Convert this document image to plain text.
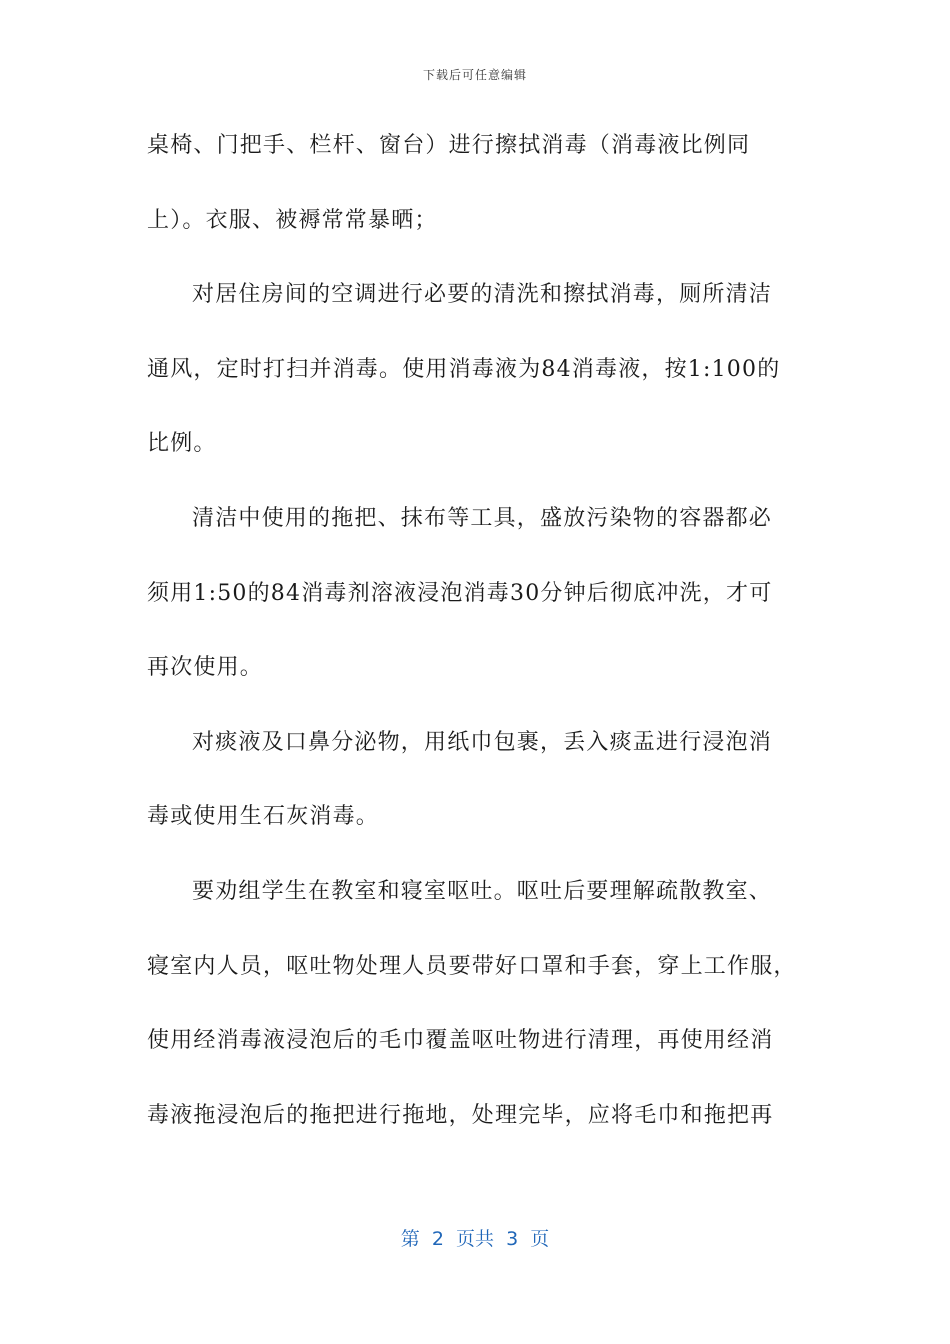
下载后可任意编辑
桌椅、门把手、栏杆、窗台）进行擦拭消毒（消毒液比例同
上）。衣服、被褥常常暴晒；
对居住房间的空调进行必要的清洗和擦拭消毒，厕所清洁
通风，定时打扫并消毒。使用消毒液为84消毒液，按1:100的
比例。
清洁中使用的拖把、抹布等工具，盛放污染物的容器都必
须用1:50的84消毒剂溶液浸泡消毒30分钟后彻底冲洗，才可
再次使用。
对痰液及口鼻分泌物，用纸巾包裹，丢入痰盂进行浸泡消
毒或使用生石灰消毒。
要劝组学生在教室和寝室呕吐。呕吐后要理解疏散教室、
寝室内人员，呕吐物处理人员要带好口罩和手套，穿上工作服，
使用经消毒液浸泡后的毛巾覆盖呕吐物进行清理，再使用经消
毒液拖浸泡后的拖把进行拖地，处理完毕，应将毛巾和拖把再
第  2  页共  3  页
